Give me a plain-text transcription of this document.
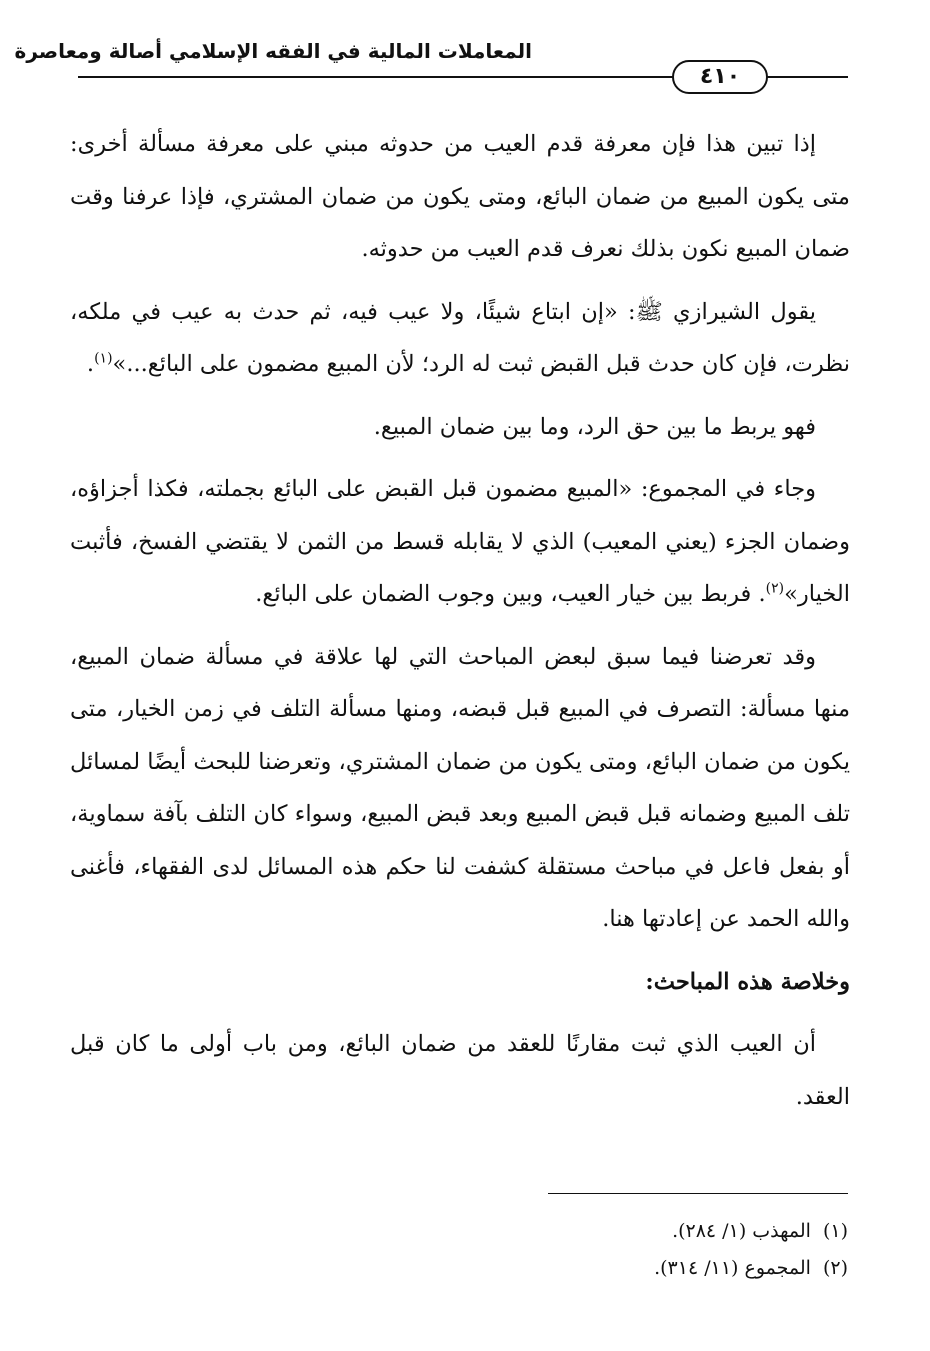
المعاملات المالية في الفقه الإسلامي أصالة ومعاصرة
٤١٠

إذا تبين هذا فإن معرفة قدم العيب من حدوثه مبني على معرفة مسألة أخرى: متى يكون المبيع من ضمان البائع، ومتى يكون من ضمان المشتري، فإذا عرفنا وقت ضمان المبيع نكون بذلك نعرف قدم العيب من حدوثه.

يقول الشيرازي ﷺ: «إن ابتاع شيئًا، ولا عيب فيه، ثم حدث به عيب في ملكه، نظرت، فإن كان حدث قبل القبض ثبت له الرد؛ لأن المبيع مضمون على البائع...»$^{(١)}$.

فهو يربط ما بين حق الرد، وما بين ضمان المبيع.

وجاء في المجموع: «المبيع مضمون قبل القبض على البائع بجملته، فكذا أجزاؤه، وضمان الجزء (يعني المعيب) الذي لا يقابله قسط من الثمن لا يقتضي الفسخ، فأثبت الخيار»$^{(٢)}$. فربط بين خيار العيب، وبين وجوب الضمان على البائع.

وقد تعرضنا فيما سبق لبعض المباحث التي لها علاقة في مسألة ضمان المبيع، منها مسألة: التصرف في المبيع قبل قبضه، ومنها مسألة التلف في زمن الخيار، متى يكون من ضمان البائع، ومتى يكون من ضمان المشتري، وتعرضنا للبحث أيضًا لمسائل تلف المبيع وضمانه قبل قبض المبيع وبعد قبض المبيع، وسواء كان التلف بآفة سماوية، أو بفعل فاعل في مباحث مستقلة كشفت لنا حكم هذه المسائل لدى الفقهاء، فأغنى والله الحمد عن إعادتها هنا.

وخلاصة هذه المباحث:

أن العيب الذي ثبت مقارنًا للعقد من ضمان البائع، ومن باب أولى ما كان قبل العقد.

(١)المهذب (١/ ٢٨٤).
(٢)المجموع (١١/ ٣١٤).
